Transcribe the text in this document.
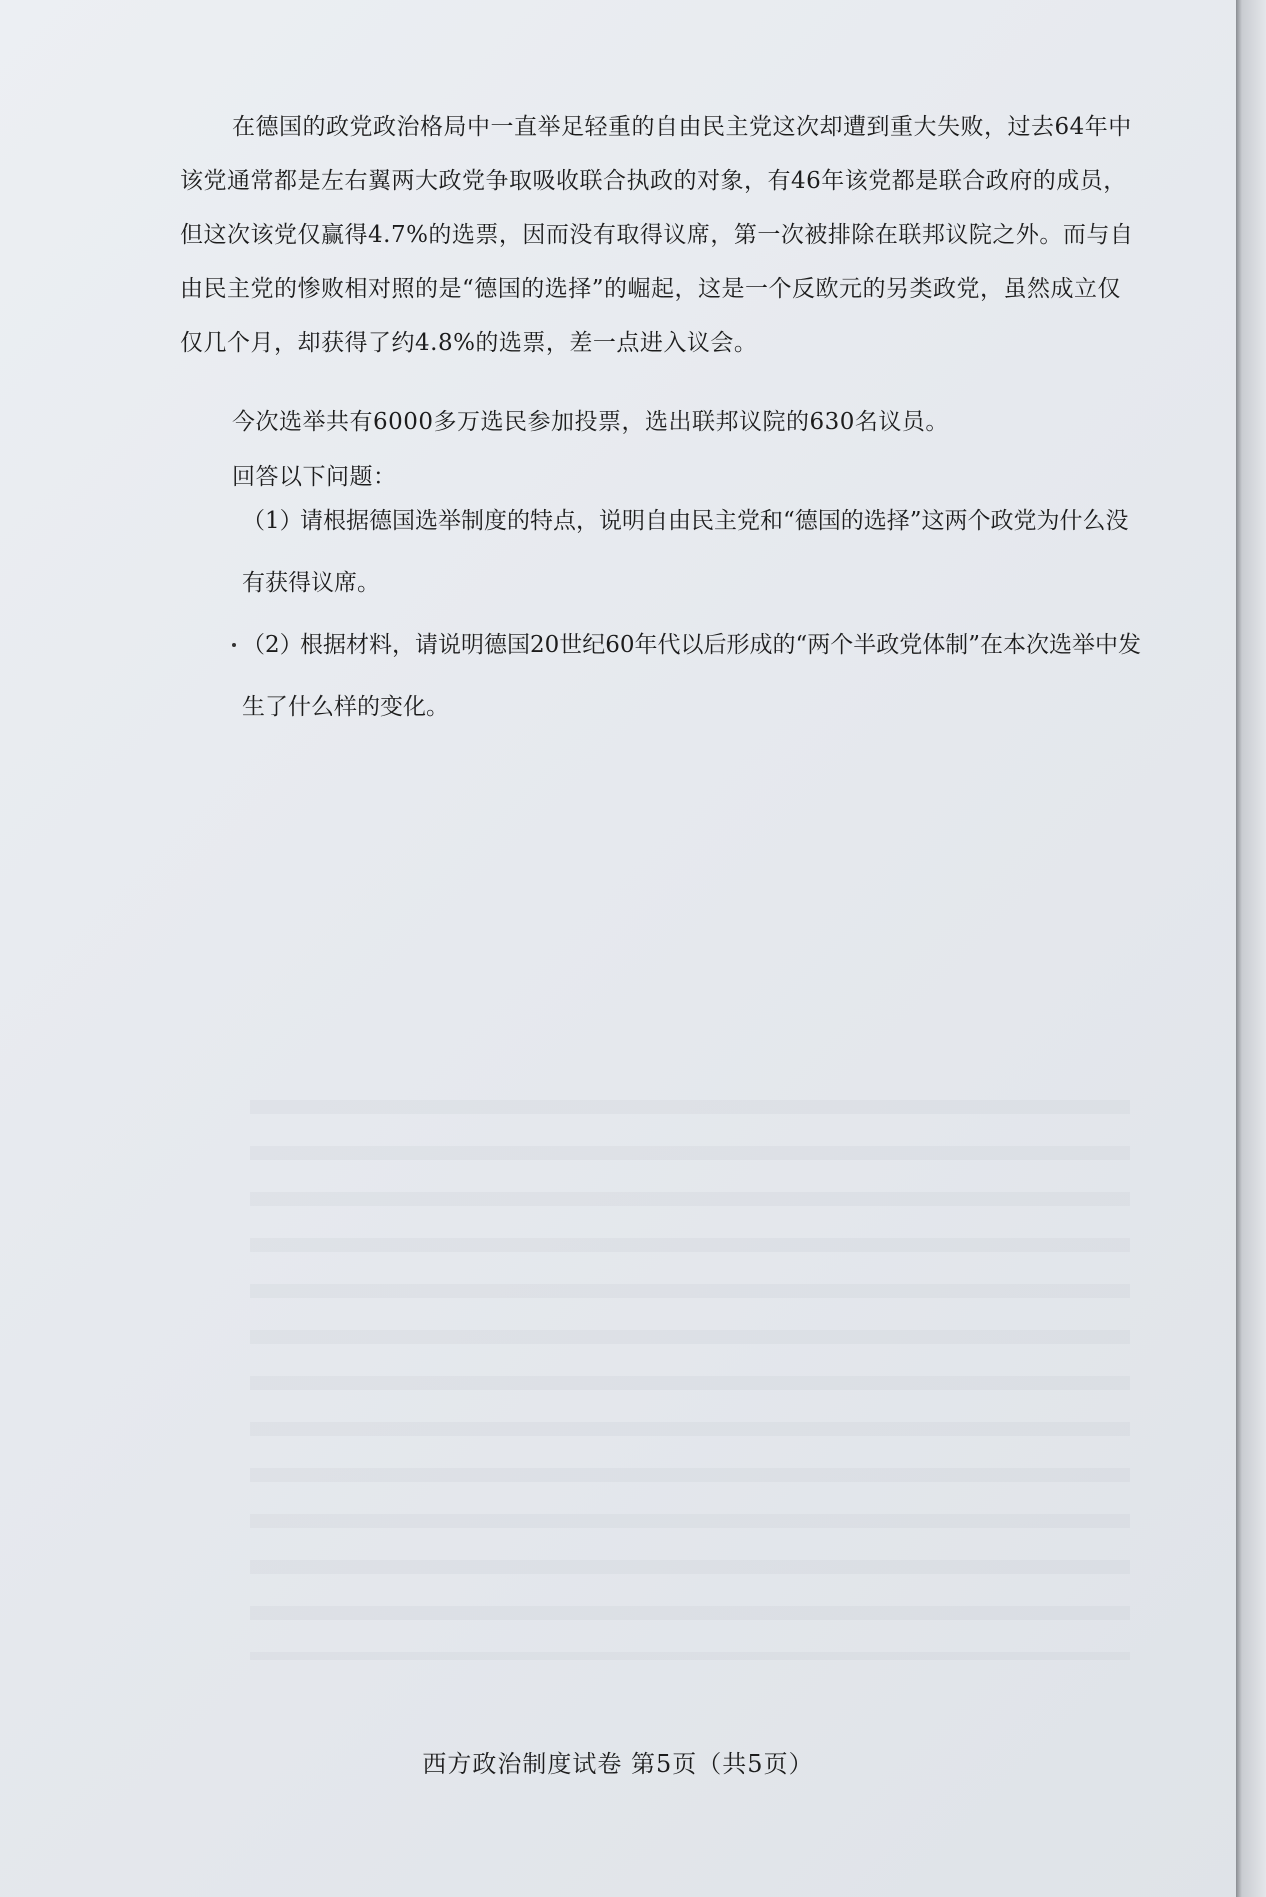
在德国的政党政治格局中一直举足轻重的自由民主党这次却遭到重大失败，过去64年中该党通常都是左右翼两大政党争取吸收联合执政的对象，有46年该党都是联合政府的成员，但这次该党仅赢得4.7%的选票，因而没有取得议席，第一次被排除在联邦议院之外。而与自由民主党的惨败相对照的是“德国的选择”的崛起，这是一个反欧元的另类政党，虽然成立仅仅几个月，却获得了约4.8%的选票，差一点进入议会。

今次选举共有6000多万选民参加投票，选出联邦议院的630名议员。

回答以下问题：

（1）请根据德国选举制度的特点，说明自由民主党和“德国的选择”这两个政党为什么没有获得议席。
（2）根据材料，请说明德国20世纪60年代以后形成的“两个半政党体制”在本次选举中发生了什么样的变化。
西方政治制度试卷 第5页（共5页）
